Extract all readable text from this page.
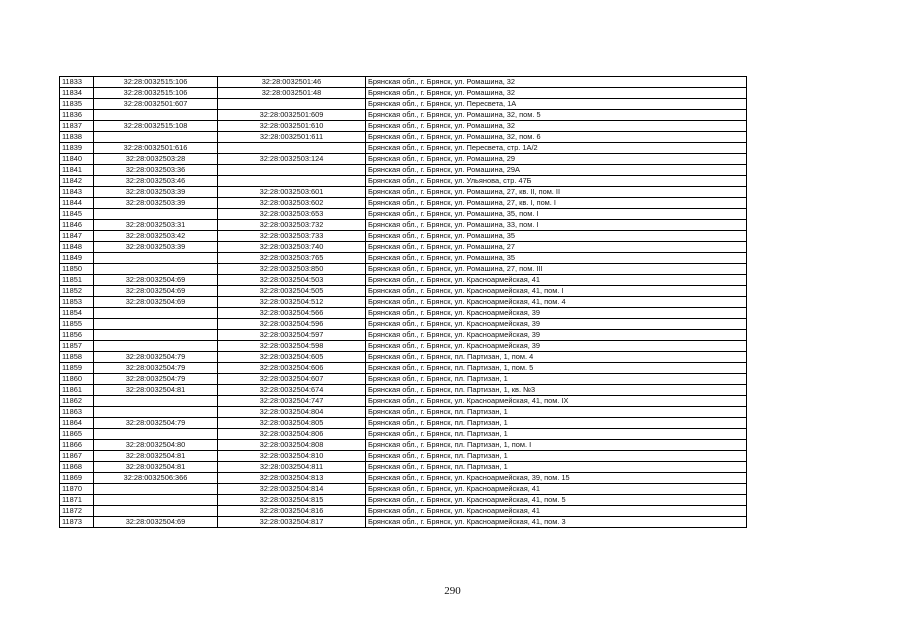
11833	32:28:0032515:106	32:28:0032501:46	Брянская обл., г. Брянск, ул. Ромашина, 32
11834	32:28:0032515:106	32:28:0032501:48	Брянская обл., г. Брянск, ул. Ромашина, 32
11835	32:28:0032501:607		Брянская обл., г. Брянск, ул. Пересвета, 1А
11836		32:28:0032501:609	Брянская обл., г. Брянск, ул. Ромашина, 32, пом. 5
11837	32:28:0032515:108	32:28:0032501:610	Брянская обл., г. Брянск, ул. Ромашина, 32
11838		32:28:0032501:611	Брянская обл., г. Брянск, ул. Ромашина, 32, пом. 6
11839	32:28:0032501:616		Брянская обл., г. Брянск, ул. Пересвета, стр. 1А/2
11840	32:28:0032503:28	32:28:0032503:124	Брянская обл., г. Брянск, ул. Ромашина, 29
11841	32:28:0032503:36		Брянская обл., г. Брянск, ул. Ромашина, 29А
11842	32:28:0032503:46		Брянская обл., г. Брянск, ул. Ульянова, стр. 47Б
11843	32:28:0032503:39	32:28:0032503:601	Брянская обл., г. Брянск, ул. Ромашина, 27, кв. II, пом. II
11844	32:28:0032503:39	32:28:0032503:602	Брянская обл., г. Брянск, ул. Ромашина, 27, кв. I, пом. I
11845		32:28:0032503:653	Брянская обл., г. Брянск, ул. Ромашина, 35, пом. I
11846	32:28:0032503:31	32:28:0032503:732	Брянская обл., г. Брянск, ул. Ромашина, 33, пом. I
11847	32:28:0032503:42	32:28:0032503:733	Брянская обл., г. Брянск, ул. Ромашина, 35
11848	32:28:0032503:39	32:28:0032503:740	Брянская обл., г. Брянск, ул. Ромашина, 27
11849		32:28:0032503:765	Брянская обл., г. Брянск, ул. Ромашина, 35
11850		32:28:0032503:850	Брянская обл., г. Брянск, ул. Ромашина, 27, пом. III
11851	32:28:0032504:69	32:28:0032504:503	Брянская обл., г. Брянск, ул. Красноармейская, 41
11852	32:28:0032504:69	32:28:0032504:505	Брянская обл., г. Брянск, ул. Красноармейская, 41, пом. I
11853	32:28:0032504:69	32:28:0032504:512	Брянская обл., г. Брянск, ул. Красноармейская, 41, пом. 4
11854		32:28:0032504:566	Брянская обл., г. Брянск, ул. Красноармейская, 39
11855		32:28:0032504:596	Брянская обл., г. Брянск, ул. Красноармейская, 39
11856		32:28:0032504:597	Брянская обл., г. Брянск, ул. Красноармейская, 39
11857		32:28:0032504:598	Брянская обл., г. Брянск, ул. Красноармейская, 39
11858	32:28:0032504:79	32:28:0032504:605	Брянская обл., г. Брянск, пл. Партизан, 1, пом. 4
11859	32:28:0032504:79	32:28:0032504:606	Брянская обл., г. Брянск, пл. Партизан, 1, пом. 5
11860	32:28:0032504:79	32:28:0032504:607	Брянская обл., г. Брянск, пл. Партизан, 1
11861	32:28:0032504:81	32:28:0032504:674	Брянская обл., г. Брянск, пл. Партизан, 1, кв. №3
11862		32:28:0032504:747	Брянская обл., г. Брянск, ул. Красноармейская, 41, пом. IX
11863		32:28:0032504:804	Брянская обл., г. Брянск, пл. Партизан, 1
11864	32:28:0032504:79	32:28:0032504:805	Брянская обл., г. Брянск, пл. Партизан, 1
11865		32:28:0032504:806	Брянская обл., г. Брянск, пл. Партизан, 1
11866	32:28:0032504:80	32:28:0032504:808	Брянская обл., г. Брянск, пл. Партизан, 1, пом. I
11867	32:28:0032504:81	32:28:0032504:810	Брянская обл., г. Брянск, пл. Партизан, 1
11868	32:28:0032504:81	32:28:0032504:811	Брянская обл., г. Брянск, пл. Партизан, 1
11869	32:28:0032506:366	32:28:0032504:813	Брянская обл., г. Брянск, ул. Красноармейская, 39, пом. 15
11870		32:28:0032504:814	Брянская обл., г. Брянск, ул. Красноармейская, 41
11871		32:28:0032504:815	Брянская обл., г. Брянск, ул. Красноармейская, 41, пом. 5
11872		32:28:0032504:816	Брянская обл., г. Брянск, ул. Красноармейская, 41
11873	32:28:0032504:69	32:28:0032504:817	Брянская обл., г. Брянск, ул. Красноармейская, 41, пом. 3
290
